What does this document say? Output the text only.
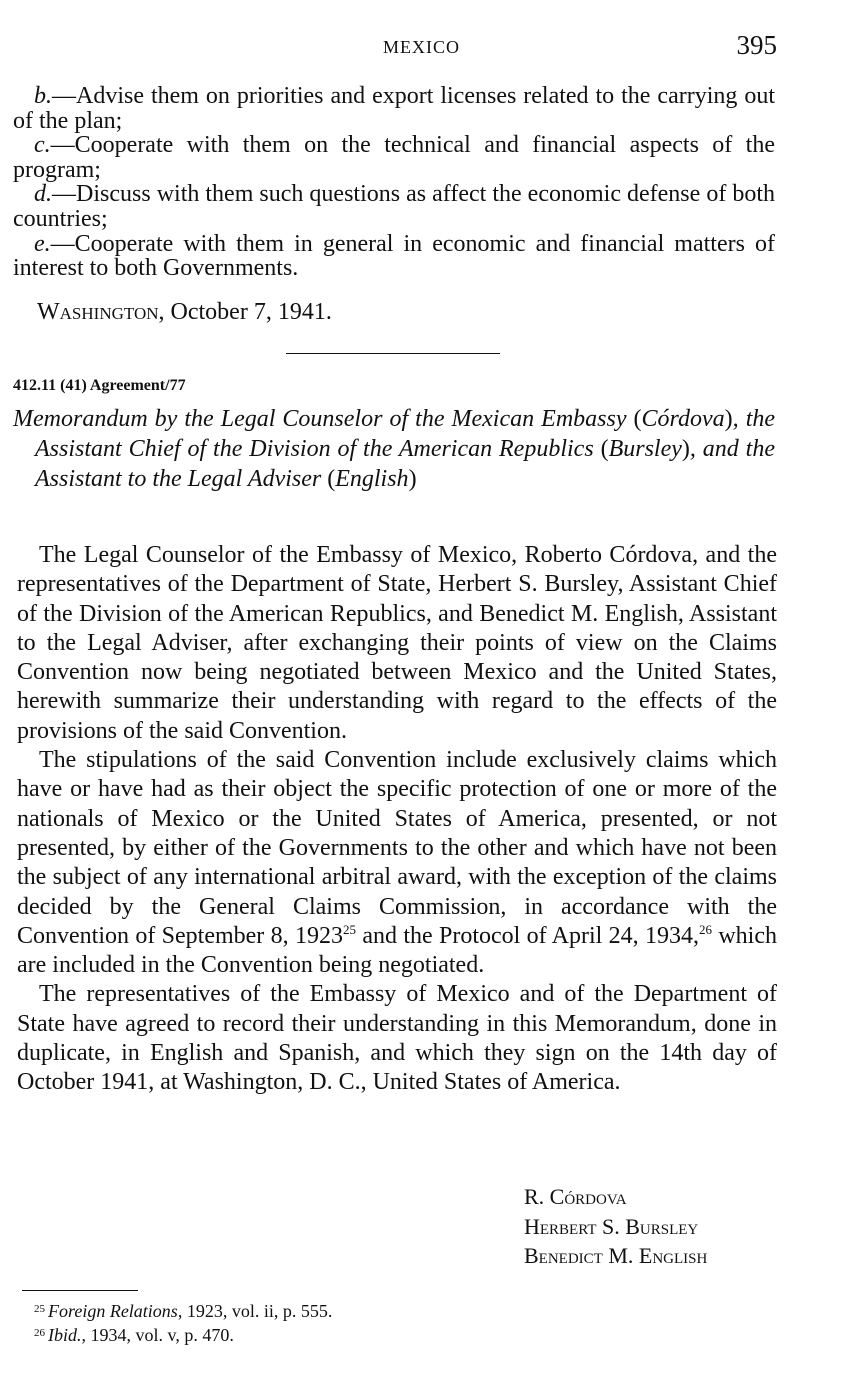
MEXICO	395

b.—Advise them on priorities and export licenses related to the carrying out of the plan;

c.—Cooperate with them on the technical and financial aspects of the program;

d.—Discuss with them such questions as affect the economic defense of both countries;

e.—Cooperate with them in general in economic and financial matters of interest to both Governments.

Washington, October 7, 1941.
412.11 (41) Agreement/77

Memorandum by the Legal Counselor of the Mexican Embassy (Córdova), the Assistant Chief of the Division of the American Republics (Bursley), and the Assistant to the Legal Adviser (English)

The Legal Counselor of the Embassy of Mexico, Roberto Córdova, and the representatives of the Department of State, Herbert S. Bursley, Assistant Chief of the Division of the American Republics, and Benedict M. English, Assistant to the Legal Adviser, after exchanging their points of view on the Claims Convention now being negotiated between Mexico and the United States, herewith summarize their understanding with regard to the effects of the provisions of the said Convention.

The stipulations of the said Convention include exclusively claims which have or have had as their object the specific protection of one or more of the nationals of Mexico or the United States of America, presented, or not presented, by either of the Governments to the other and which have not been the subject of any international arbitral award, with the exception of the claims decided by the General Claims Commission, in accordance with the Convention of September 8, 1923$^{25}$ and the Protocol of April 24, 1934,26 which are included in the Convention being negotiated.

The representatives of the Embassy of Mexico and of the Department of State have agreed to record their understanding in this Memorandum, done in duplicate, in English and Spanish, and which they sign on the 14th day of October 1941, at Washington, D. C., United States of America.

R. Córdova
Herbert S. Bursley
Benedict M. English
$^{25}$ Foreign Relations, 1923, vol. ii, p. 555.
$^{26}$ Ibid., 1934, vol. v, p. 470.
